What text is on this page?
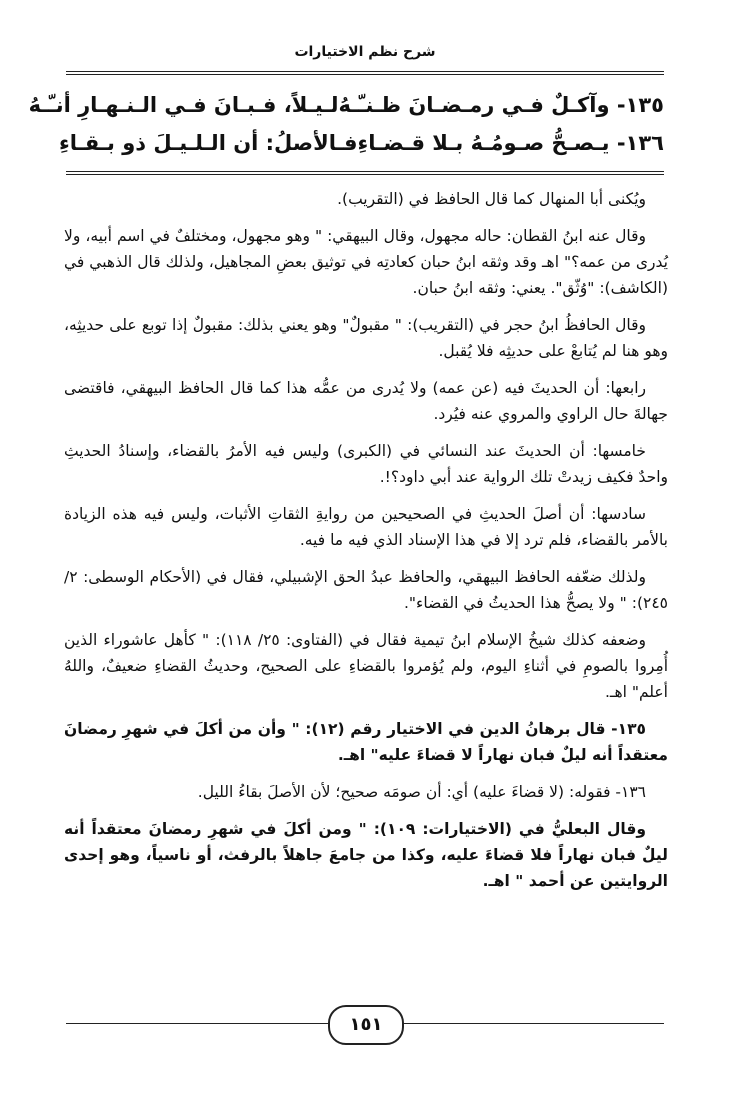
شرح نظم الاختيارات
١٣٥- وآكـلٌ فـي رمـضـانَ ظـنـّـهُ
لـيـلاً، فـبـانَ فـي الـنـهـارِ أنـّـهُ
١٣٦- يـصـحُّ صـومُـهُ بـلا قـضـاءِ
فـالأصلُ: أن الـلـيـلَ ذو بـقـاءِ

ويُكنى أبا المنهال كما قال الحافظ في (التقريب).

وقال عنه ابنُ القطان: حاله مجهول، وقال البيهقي: " وهو مجهول، ومختلفٌ في اسم أبيه، ولا يُدرى من عمه؟" اهـ وقد وثقه ابنُ حبان كعادتِه في توثيق بعضِ المجاهيل، ولذلك قال الذهبي في (الكاشف): "وُثّق". يعني: وثقه ابنُ حبان.

وقال الحافظُ ابنُ حجر في (التقريب): " مقبولٌ" وهو يعني بذلك: مقبولٌ إذا توبع على حديثِه، وهو هنا لم يُتابعْ على حديثِه فلا يُقبل.

رابعها: أن الحديثَ فيه (عن عمه) ولا يُدرى من عمُّه هذا كما قال الحافظ البيهقي، فاقتضى جهالةَ حال الراوي والمروي عنه فيُرد.

خامسها: أن الحديثَ عند النسائي في (الكبرى) وليس فيه الأمرُ بالقضاء، وإسنادُ الحديثِ واحدٌ فكيف زيدتْ تلك الرواية عند أبي داود؟!.

سادسها: أن أصلَ الحديثِ في الصحيحين من روايةِ الثقاتِ الأثبات، وليس فيه هذه الزيادة بالأمر بالقضاء، فلم ترد إلا في هذا الإسناد الذي فيه ما فيه.

ولذلك ضعّفه الحافظ البيهقي، والحافظ عبدُ الحق الإشبيلي، فقال في (الأحكام الوسطى: ٢/ ٢٤٥): " ولا يصحُّ هذا الحديثُ في القضاء".

وضعفه كذلك شيخُ الإسلام ابنُ تيمية فقال في (الفتاوى: ٢٥/ ١١٨): " كأهل عاشوراء الذين أُمِروا بالصومِ في أثناءِ اليوم، ولم يُؤمروا بالقضاءِ على الصحيح، وحديثُ القضاءِ ضعيفٌ، واللهُ أعلم" اهـ.

١٣٥- قال برهانُ الدين في الاختيار رقم (١٢): " وأن من أكلَ في شهرِ رمضانَ معتقداً أنه ليلٌ فبان نهاراً لا قضاءَ عليه" اهـ.

١٣٦- فقوله: (لا قضاءَ عليه) أي: أن صومَه صحيح؛ لأن الأصلَ بقاءُ الليل.

وقال البعليُّ في (الاختيارات: ١٠٩): " ومن أكلَ في شهرِ رمضانَ معتقداً أنه ليلٌ فبان نهاراً فلا قضاءَ عليه، وكذا من جامعَ جاهلاً بالرفث، أو ناسياً، وهو إحدى الروايتين عن أحمد " اهـ.

١٥١
